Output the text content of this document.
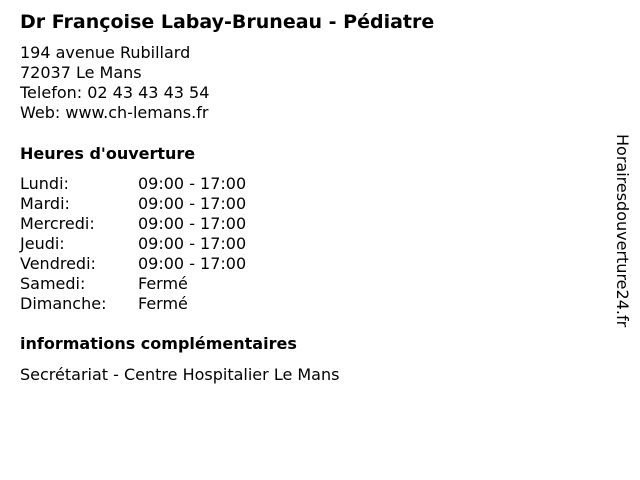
Dr Françoise Labay-Bruneau - Pédiatre
194 avenue Rubillard
72037 Le Mans
Telefon: 02 43 43 43 54
Web: www.ch-lemans.fr
Heures d'ouverture
Lundi:	09:00 - 17:00
Mardi:	09:00 - 17:00
Mercredi:	09:00 - 17:00
Jeudi:	09:00 - 17:00
Vendredi:	09:00 - 17:00
Samedi:	Fermé
Dimanche:	Fermé
informations complémentaires
Secrétariat - Centre Hospitalier Le Mans
Horairesdouverture24.fr
